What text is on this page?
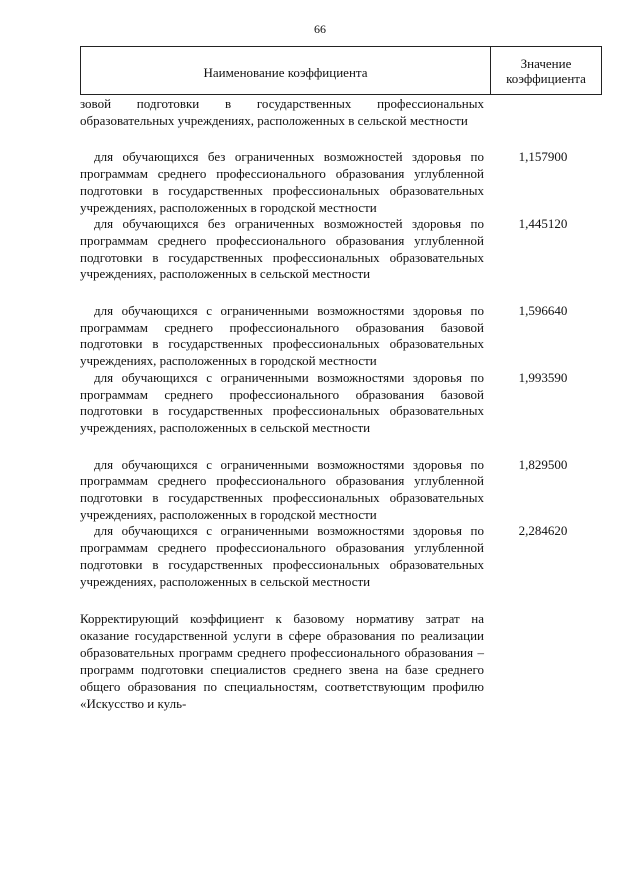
66
Наименование коэффициента
Значение
коэффициента
зовой подготовки в государственных профессиональных образовательных учреждениях, расположенных в сельской местности
для обучающихся без ограниченных возможностей здоровья по программам среднего профессионального образования углубленной подготовки в государственных профессиональных образовательных учреждениях, расположенных в городской местности
1,157900
для обучающихся без ограниченных возможностей здоровья по программам среднего профессионального образования углубленной подготовки в государственных профессиональных образовательных учреждениях, расположенных в сельской местности
1,445120
для обучающихся с ограниченными возможностями здоровья по программам среднего профессионального образования базовой подготовки в государственных профессиональных образовательных учреждениях, расположенных в городской местности
1,596640
для обучающихся с ограниченными возможностями здоровья по программам среднего профессионального образования базовой подготовки в государственных профессиональных образовательных учреждениях, расположенных в сельской местности
1,993590
для обучающихся с ограниченными возможностями здоровья по программам среднего профессионального образования углубленной подготовки в государственных профессиональных образовательных учреждениях, расположенных в городской местности
1,829500
для обучающихся с ограниченными возможностями здоровья по программам среднего профессионального образования углубленной подготовки в государственных профессиональных образовательных учреждениях, расположенных в сельской местности
2,284620
Корректирующий коэффициент к базовому нормативу затрат на оказание государственной услуги в сфере образования по реализации образовательных программ среднего профессионального образования – программ подготовки специалистов среднего звена на базе среднего общего образования по специальностям, соответствующим профилю «Искусство и куль-
